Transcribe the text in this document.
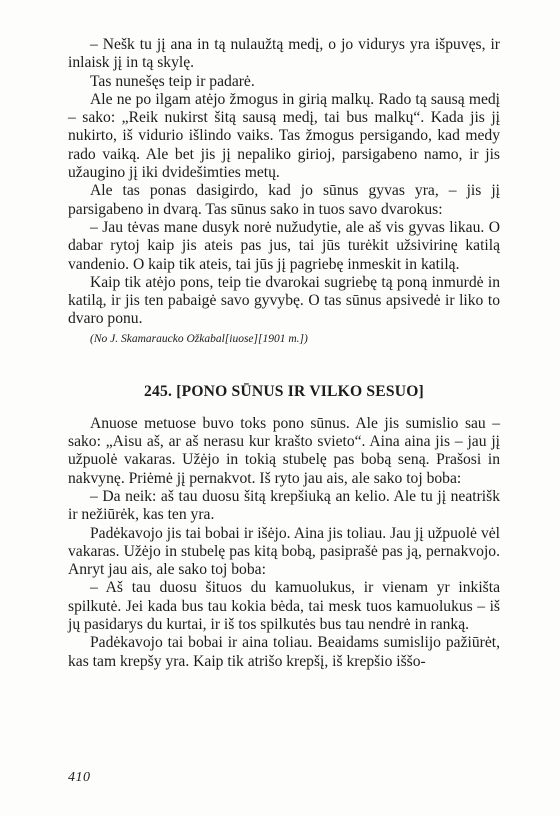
– Nešk tu jį ana in tą nulaužtą medį, o jo vidurys yra išpuvęs, ir inlaisk jį in tą skylę.

Tas nunešęs teip ir padarė.

Ale ne po ilgam atėjo žmogus in girią malkų. Rado tą sausą medį – sako: „Reik nukirst šitą sausą medį, tai bus malkų“. Kada jis jį nukirto, iš vidurio išlindo vaiks. Tas žmogus persigando, kad medy rado vaiką. Ale bet jis jį nepaliko girioj, parsigabeno namo, ir jis užaugino jį iki dvidešimties metų.

Ale tas ponas dasigirdo, kad jo sūnus gyvas yra, – jis jį parsigabeno in dvarą. Tas sūnus sako in tuos savo dvarokus:

– Jau tėvas mane dusyk norė nužudytie, ale aš vis gyvas likau. O dabar rytoj kaip jis ateis pas jus, tai jūs turėkit užsivirinę katilą vandenio. O kaip tik ateis, tai jūs jį pagriebę inmeskit in katilą.

Kaip tik atėjo pons, teip tie dvarokai sugriebę tą poną inmurdė in katilą, ir jis ten pabaigė savo gyvybę. O tas sūnus apsivedė ir liko to dvaro ponu.

(No J. Skamaraucko Ožkabal[iuose][1901 m.])

245. [PONO SŪNUS IR VILKO SESUO]

Anuose metuose buvo toks pono sūnus. Ale jis sumislio sau – sako: „Aisu aš, ar aš nerasu kur krašto svieto“. Aina aina jis – jau jį užpuolė vakaras. Užėjo in tokią stubelę pas bobą seną. Prašosi in nakvynę. Priėmė jį pernakvot. Iš ryto jau ais, ale sako toj boba:

– Da neik: aš tau duosu šitą krepšiuką an kelio. Ale tu jį neatrišk ir nežiūrėk, kas ten yra.

Padėkavojo jis tai bobai ir išėjo. Aina jis toliau. Jau jį užpuolė vėl vakaras. Užėjo in stubelę pas kitą bobą, pasiprašė pas ją, pernakvojo. Anryt jau ais, ale sako toj boba:

– Aš tau duosu šituos du kamuolukus, ir vienam yr inkišta spilkutė. Jei kada bus tau kokia bėda, tai mesk tuos kamuolukus – iš jų pasidarys du kurtai, ir iš tos spilkutės bus tau nendrė in ranką.

Padėkavojo tai bobai ir aina toliau. Beaidams sumislijo pažiūrėt, kas tam krepšy yra. Kaip tik atrišo krepšį, iš krepšio iššo-

410
